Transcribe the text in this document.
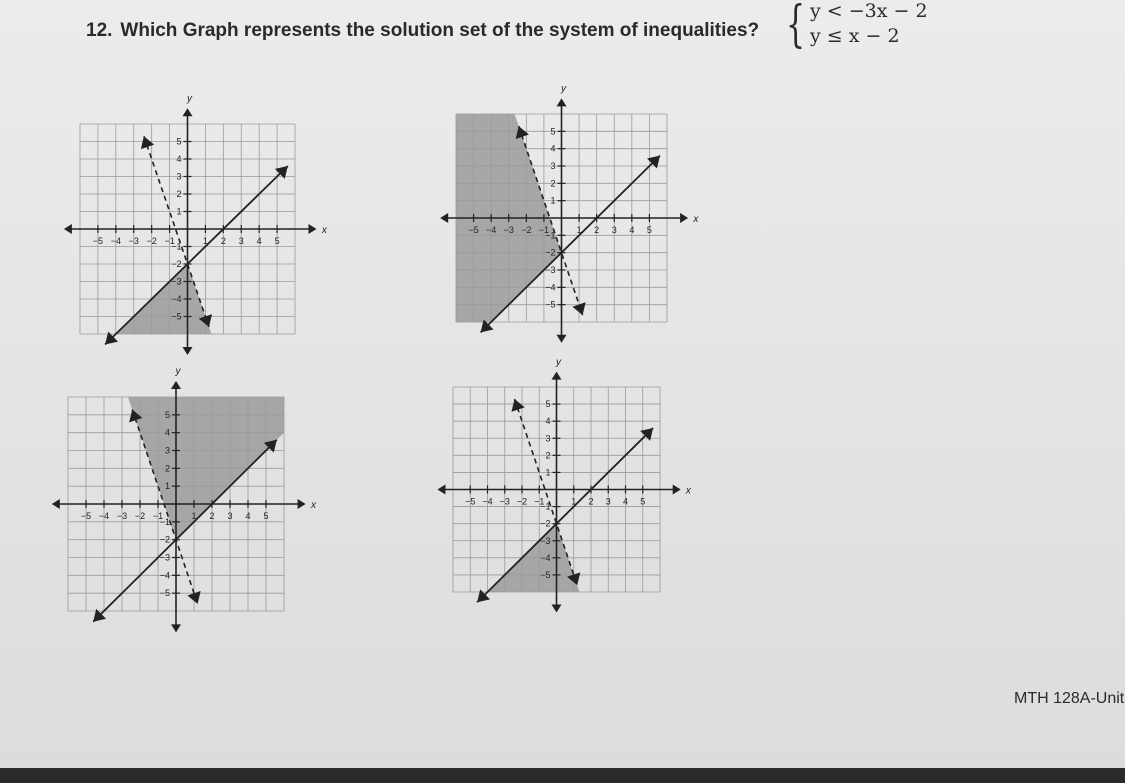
12. Which Graph represents the solution set of the system of inequalities? { y < −3x − 2
y ≤ x − 2
−5 −4 −3 −2 −1	1 2 3 4 5
5
4
3
2
1
−1
−2
−3
−4
−5
x
y
−5 −4 −3 −2 −1	1 2 3 4 5
5
4
3
2
1
−1
−2
−3
−4
−5
x
y
−5 −4 −3 −2 −1	1 2 3 4 5
5
4
3
2
1
−1
−2
−3
−4
−5
x
y
−5 −4 −3 −2 −1	1 2 3 4 5
5
4
3
2
1
−1
−2
−3
−4
−5
x
y
MTH 128A-Unit
